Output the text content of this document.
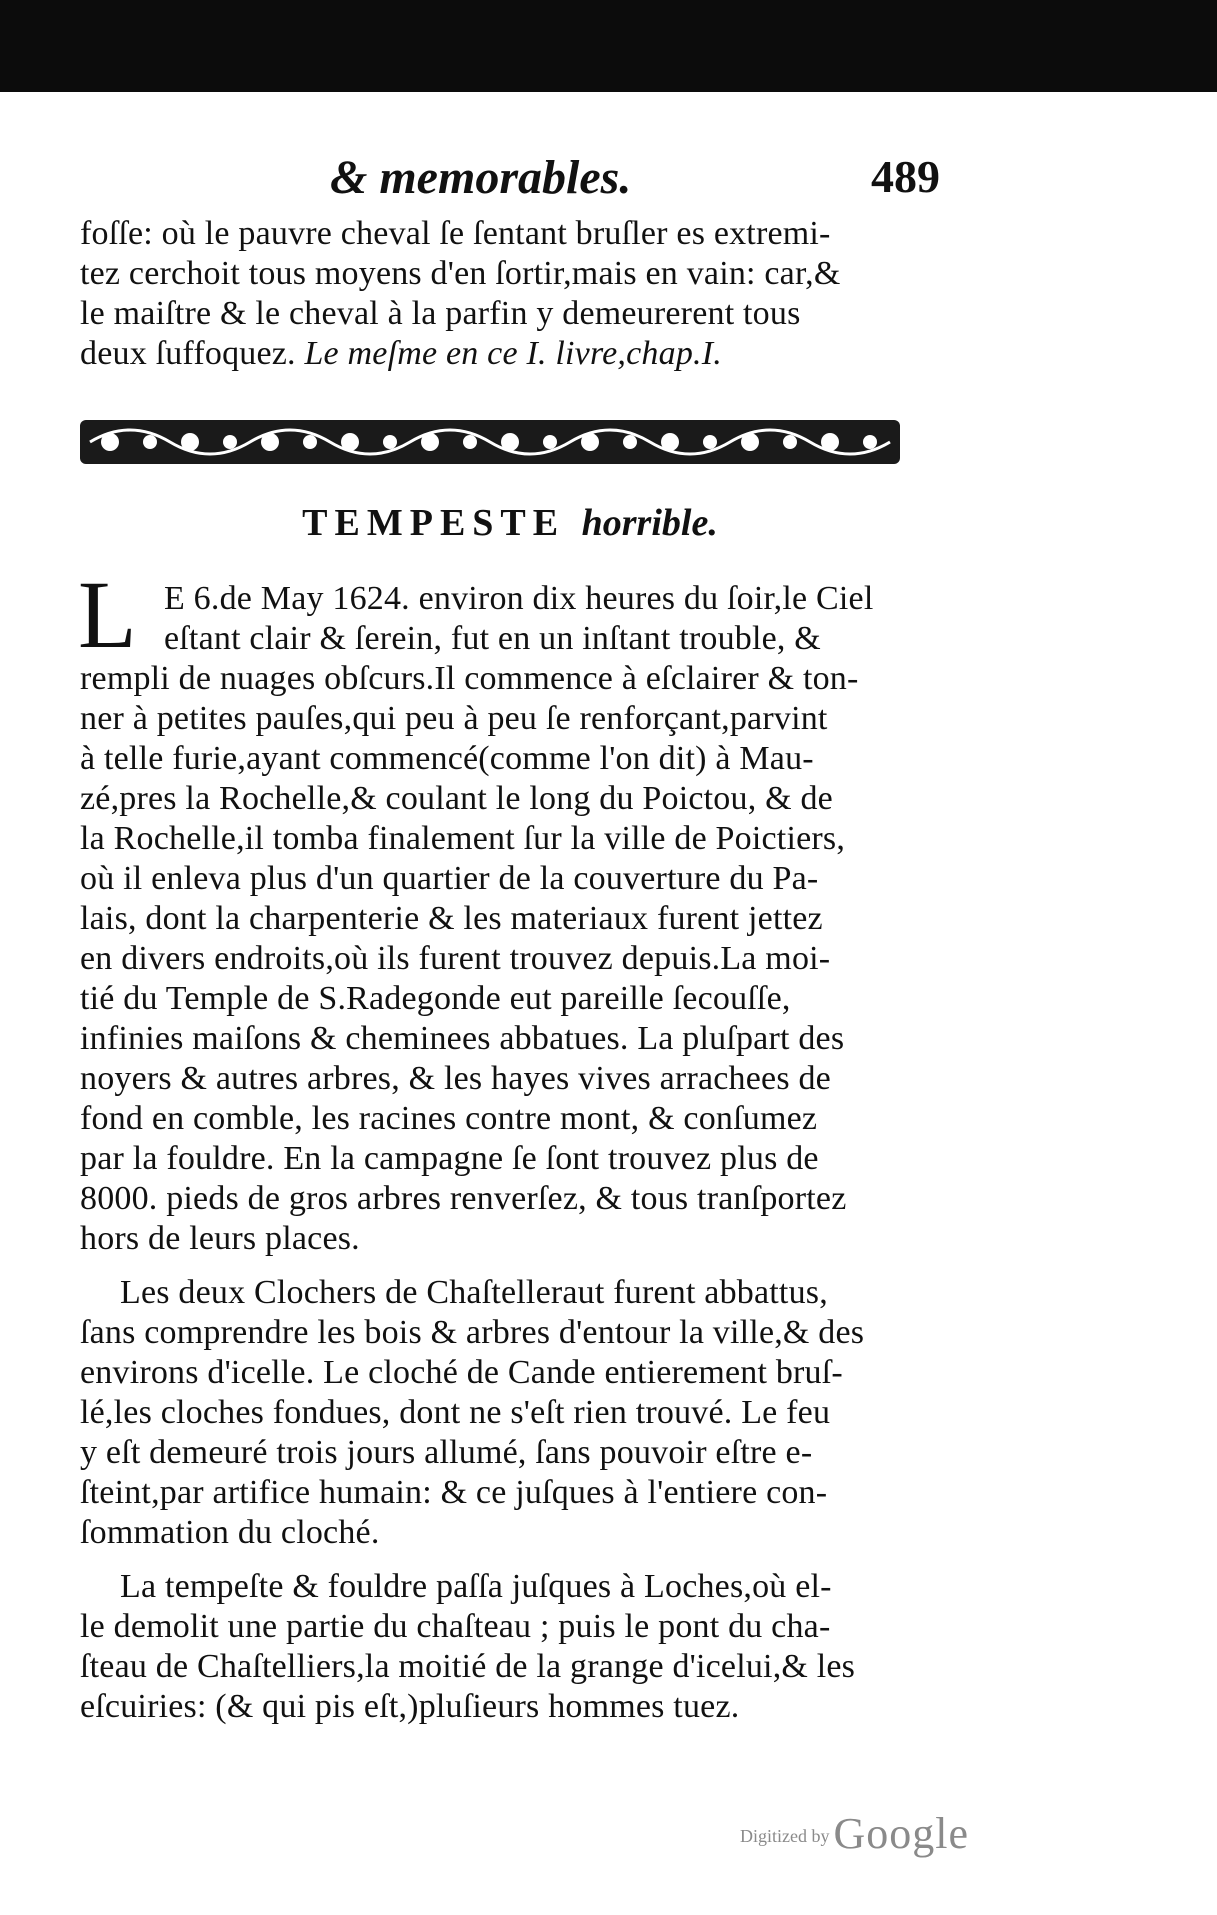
& memorables.	489
foſſe: où le pauvre cheval ſe ſentant bruſler es extremi-
tez cerchoit tous moyens d'en ſortir,mais en vain: car,&
le maiſtre & le cheval à la parfin y demeurerent tous
deux ſuffoquez. Le meſme en ce I. livre,chap.I.
TEMPESTE horrible.
L E 6.de May 1624. environ dix heures du ſoir,le Ciel
eſtant clair & ſerein, fut en un inſtant trouble, &
rempli de nuages obſcurs.Il commence à eſclairer & ton-
ner à petites pauſes,qui peu à peu ſe renforçant,parvint
à telle furie,ayant commencé(comme l'on dit) à Mau-
zé,pres la Rochelle,& coulant le long du Poictou, & de
la Rochelle,il tomba finalement ſur la ville de Poictiers,
où il enleva plus d'un quartier de la couverture du Pa-
lais, dont la charpenterie & les materiaux furent jettez
en divers endroits,où ils furent trouvez depuis.La moi-
tié du Temple de S.Radegonde eut pareille ſecouſſe,
infinies maiſons & cheminees abbatues. La pluſpart des
noyers & autres arbres, & les hayes vives arrachees de
fond en comble, les racines contre mont, & conſumez
par la fouldre. En la campagne ſe ſont trouvez plus de
8000. pieds de gros arbres renverſez, & tous tranſportez
hors de leurs places.
Les deux Clochers de Chaſtelleraut furent abbattus,
ſans comprendre les bois & arbres d'entour la ville,& des
environs d'icelle. Le cloché de Cande entierement bruſ-
lé,les cloches fondues, dont ne s'eſt rien trouvé. Le feu
y eſt demeuré trois jours allumé, ſans pouvoir eſtre e-
ſteint,par artifice humain: & ce juſques à l'entiere con-
ſommation du cloché.
La tempeſte & fouldre paſſa juſques à Loches,où el-
le demolit une partie du chaſteau ; puis le pont du cha-
ſteau de Chaſtelliers,la moitié de la grange d'icelui,& les
eſcuiries: (& qui pis eſt,)pluſieurs hommes tuez.
Digitized by Google
